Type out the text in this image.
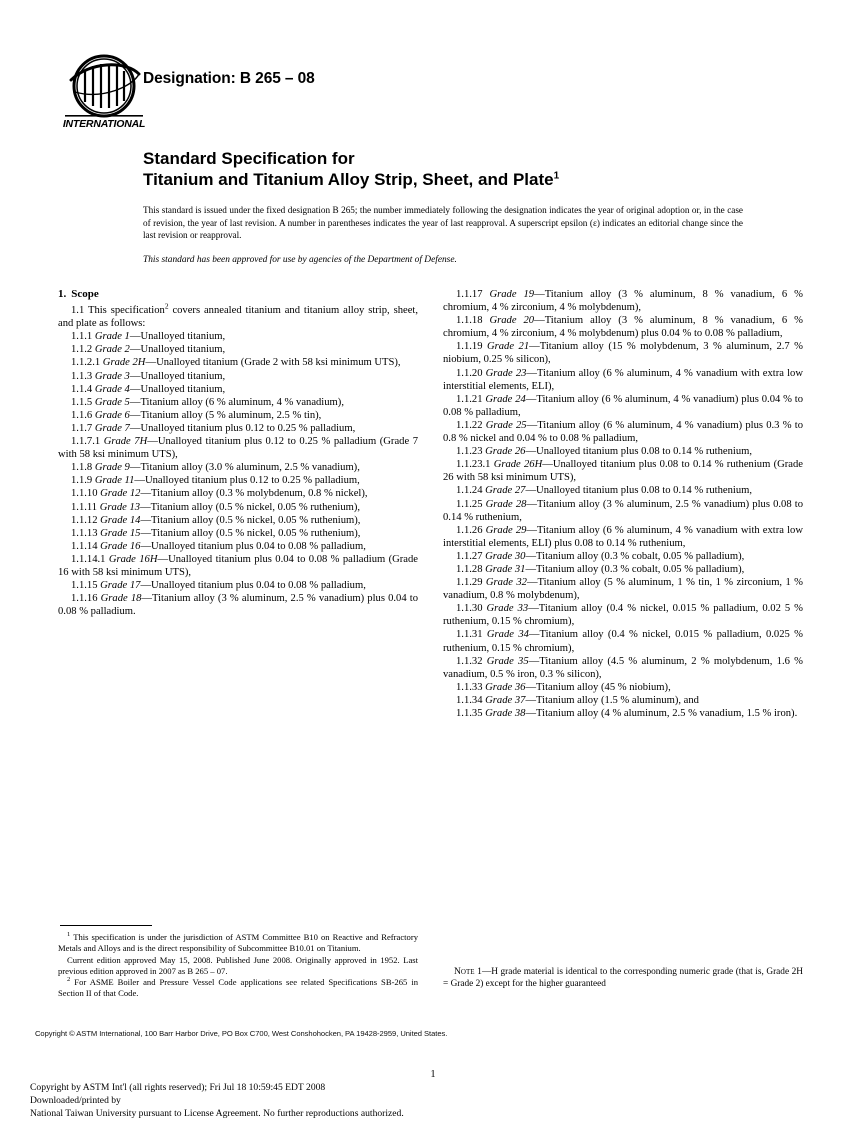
INTERNATIONAL
Designation: B 265 – 08
Standard Specification for
Titanium and Titanium Alloy Strip, Sheet, and Plate$^1$
This standard is issued under the fixed designation B 265; the number immediately following the designation indicates the year of original adoption or, in the case of revision, the year of last revision. A number in parentheses indicates the year of last reapproval. A superscript epsilon (ε) indicates an editorial change since the last revision or reapproval.
This standard has been approved for use by agencies of the Department of Defense.
1. Scope

1.1 This specification$^2$ covers annealed titanium and titanium alloy strip, sheet, and plate as follows:

1.1.1 Grade 1—Unalloyed titanium,

1.1.2 Grade 2—Unalloyed titanium,

1.1.2.1 Grade 2H—Unalloyed titanium (Grade 2 with 58 ksi minimum UTS),

1.1.3 Grade 3—Unalloyed titanium,

1.1.4 Grade 4—Unalloyed titanium,

1.1.5 Grade 5—Titanium alloy (6 % aluminum, 4 % vanadium),

1.1.6 Grade 6—Titanium alloy (5 % aluminum, 2.5 % tin),

1.1.7 Grade 7—Unalloyed titanium plus 0.12 to 0.25 % palladium,

1.1.7.1 Grade 7H—Unalloyed titanium plus 0.12 to 0.25 % palladium (Grade 7 with 58 ksi minimum UTS),

1.1.8 Grade 9—Titanium alloy (3.0 % aluminum, 2.5 % vanadium),

1.1.9 Grade 11—Unalloyed titanium plus 0.12 to 0.25 % palladium,

1.1.10 Grade 12—Titanium alloy (0.3 % molybdenum, 0.8 % nickel),

1.1.11 Grade 13—Titanium alloy (0.5 % nickel, 0.05 % ruthenium),

1.1.12 Grade 14—Titanium alloy (0.5 % nickel, 0.05 % ruthenium),

1.1.13 Grade 15—Titanium alloy (0.5 % nickel, 0.05 % ruthenium),

1.1.14 Grade 16—Unalloyed titanium plus 0.04 to 0.08 % palladium,

1.1.14.1 Grade 16H—Unalloyed titanium plus 0.04 to 0.08 % palladium (Grade 16 with 58 ksi minimum UTS),

1.1.15 Grade 17—Unalloyed titanium plus 0.04 to 0.08 % palladium,

1.1.16 Grade 18—Titanium alloy (3 % aluminum, 2.5 % vanadium) plus 0.04 to 0.08 % palladium.

1.1.17 Grade 19—Titanium alloy (3 % aluminum, 8 % vanadium, 6 % chromium, 4 % zirconium, 4 % molybdenum),

1.1.18 Grade 20—Titanium alloy (3 % aluminum, 8 % vanadium, 6 % chromium, 4 % zirconium, 4 % molybdenum) plus 0.04 % to 0.08 % palladium,

1.1.19 Grade 21—Titanium alloy (15 % molybdenum, 3 % aluminum, 2.7 % niobium, 0.25 % silicon),

1.1.20 Grade 23—Titanium alloy (6 % aluminum, 4 % vanadium with extra low interstitial elements, ELI),

1.1.21 Grade 24—Titanium alloy (6 % aluminum, 4 % vanadium) plus 0.04 % to 0.08 % palladium,

1.1.22 Grade 25—Titanium alloy (6 % aluminum, 4 % vanadium) plus 0.3 % to 0.8 % nickel and 0.04 % to 0.08 % palladium,

1.1.23 Grade 26—Unalloyed titanium plus 0.08 to 0.14 % ruthenium,

1.1.23.1 Grade 26H—Unalloyed titanium plus 0.08 to 0.14 % ruthenium (Grade 26 with 58 ksi minimum UTS),

1.1.24 Grade 27—Unalloyed titanium plus 0.08 to 0.14 % ruthenium,

1.1.25 Grade 28—Titanium alloy (3 % aluminum, 2.5 % vanadium) plus 0.08 to 0.14 % ruthenium,

1.1.26 Grade 29—Titanium alloy (6 % aluminum, 4 % vanadium with extra low interstitial elements, ELI) plus 0.08 to 0.14 % ruthenium,

1.1.27 Grade 30—Titanium alloy (0.3 % cobalt, 0.05 % palladium),

1.1.28 Grade 31—Titanium alloy (0.3 % cobalt, 0.05 % palladium),

1.1.29 Grade 32—Titanium alloy (5 % aluminum, 1 % tin, 1 % zirconium, 1 % vanadium, 0.8 % molybdenum),

1.1.30 Grade 33—Titanium alloy (0.4 % nickel, 0.015 % palladium, 0.02 5 % ruthenium, 0.15 % chromium),

1.1.31 Grade 34—Titanium alloy (0.4 % nickel, 0.015 % palladium, 0.025 % ruthenium, 0.15 % chromium),

1.1.32 Grade 35—Titanium alloy (4.5 % aluminum, 2 % molybdenum, 1.6 % vanadium, 0.5 % iron, 0.3 % silicon),

1.1.33 Grade 36—Titanium alloy (45 % niobium),

1.1.34 Grade 37—Titanium alloy (1.5 % aluminum), and

1.1.35 Grade 38—Titanium alloy (4 % aluminum, 2.5 % vanadium, 1.5 % iron).

Note 1—H grade material is identical to the corresponding numeric grade (that is, Grade 2H = Grade 2) except for the higher guaranteed

$^1$ This specification is under the jurisdiction of ASTM Committee B10 on Reactive and Refractory Metals and Alloys and is the direct responsibility of Subcommittee B10.01 on Titanium.

Current edition approved May 15, 2008. Published June 2008. Originally approved in 1952. Last previous edition approved in 2007 as B 265 – 07.

$^2$ For ASME Boiler and Pressure Vessel Code applications see related Specifications SB-265 in Section II of that Code.

Copyright © ASTM International, 100 Barr Harbor Drive, PO Box C700, West Conshohocken, PA 19428-2959, United States.
1
Copyright by ASTM Int'l (all rights reserved); Fri Jul 18 10:59:45 EDT 2008
Downloaded/printed by
National Taiwan University pursuant to License Agreement. No further reproductions authorized.
